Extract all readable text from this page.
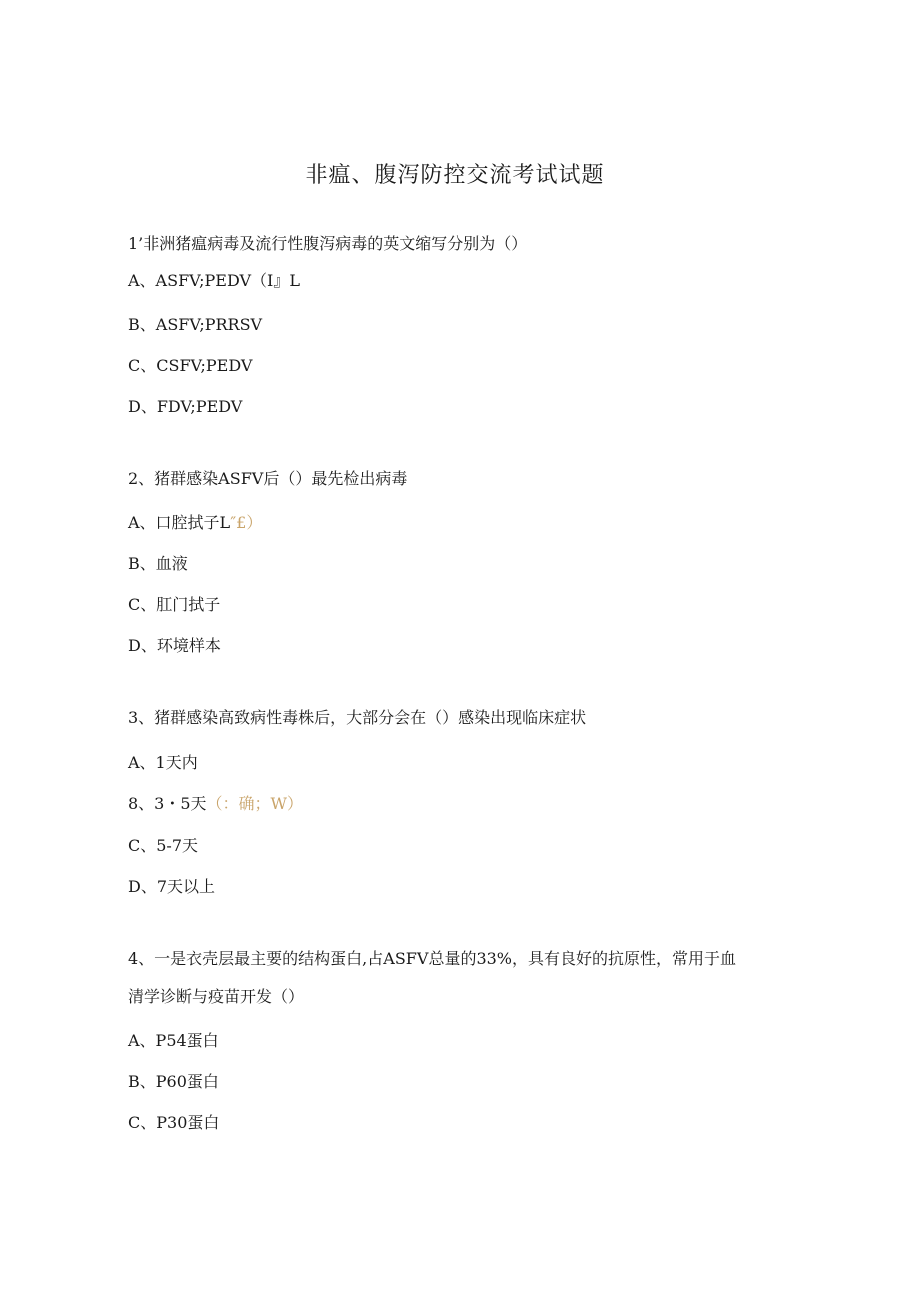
非瘟、腹泻防控交流考试试题
1’非洲猪瘟病毒及流行性腹泻病毒的英文缩写分别为（）
A、ASFV;PEDV（I』L
B、ASFV;PRRSV
C、CSFV;PEDV
D、FDV;PEDV
2、猪群感染ASFV后（）最先检出病毒
A、口腔拭子L″£）
B、血液
C、肛门拭子
D、环境样本
3、猪群感染高致病性毒株后，大部分会在（）感染出现临床症状
A、1天内
8、3・5天（：确；W）
C、5-7天
D、7天以上
4、一是衣壳层最主要的结构蛋白,占ASFV总量的33%，具有良好的抗原性，常用于血
清学诊断与疫苗开发（）
A、P54蛋白
B、P60蛋白
C、P30蛋白
